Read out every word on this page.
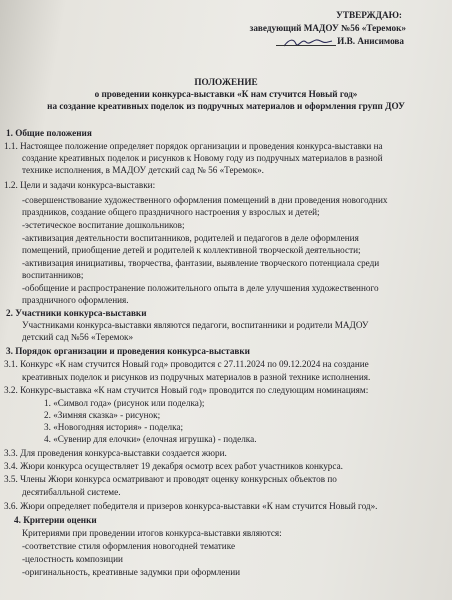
УТВЕРЖДАЮ:
заведующий МАДОУ №56 «Теремок»
И.В. Анисимова
ПОЛОЖЕНИЕ
о проведении конкурса-выставки «К нам стучится Новый год»
на создание креативных поделок из подручных материалов и оформления групп ДОУ
1. Общие положения
1.1. Настоящее положение определяет порядок организации и проведения конкурса-выставки на
создание креативных поделок и рисунков к Новому году из подручных материалов в разной
технике исполнения, в МАДОУ детский сад № 56 «Теремок».
1.2. Цели и задачи конкурса-выставки:
-совершенствование художественного оформления помещений в дни проведения новогодних
праздников, создание общего праздничного настроения у взрослых и детей;
-эстетическое воспитание дошкольников;
-активизация деятельности воспитанников, родителей и педагогов в деле оформления
помещений, приобщение детей и родителей к коллективной творческой деятельности;
-активизация инициативы, творчества, фантазии, выявление творческого потенциала среди
воспитанников;
-обобщение и распространение положительного опыта в деле улучшения художественного
праздничного оформления.
2. Участники конкурса-выставки
Участниками конкурса-выставки являются педагоги, воспитанники и родители МАДОУ
детский сад №56 «Теремок»
3. Порядок организации и проведения конкурса-выставки
3.1. Конкурс «К нам стучится Новый год» проводится с 27.11.2024 по 09.12.2024 на создание
креативных поделок и рисунков из подручных материалов в разной технике исполнения.
3.2. Конкурс-выставка «К нам стучится Новый год» проводится по следующим номинациям:
1. «Символ года» (рисунок или поделка);
2. «Зимняя сказка» - рисунок;
3. «Новогодняя история» - поделка;
4. «Сувенир для елочки» (елочная игрушка) - поделка.
3.3. Для проведения конкурса-выставки создается жюри.
3.4. Жюри конкурса осуществляет 19 декабря осмотр всех работ участников конкурса.
3.5. Члены Жюри конкурса осматривают и проводят оценку конкурсных объектов по
десятибалльной системе.
3.6. Жюри определяет победителя и призеров конкурса-выставки «К нам стучится Новый год».
4. Критерии оценки
Критериями при проведении итогов конкурса-выставки являются:
-соответствие стиля оформления новогодней тематике
-целостность композиции
-оригинальность, креативные задумки при оформлении
